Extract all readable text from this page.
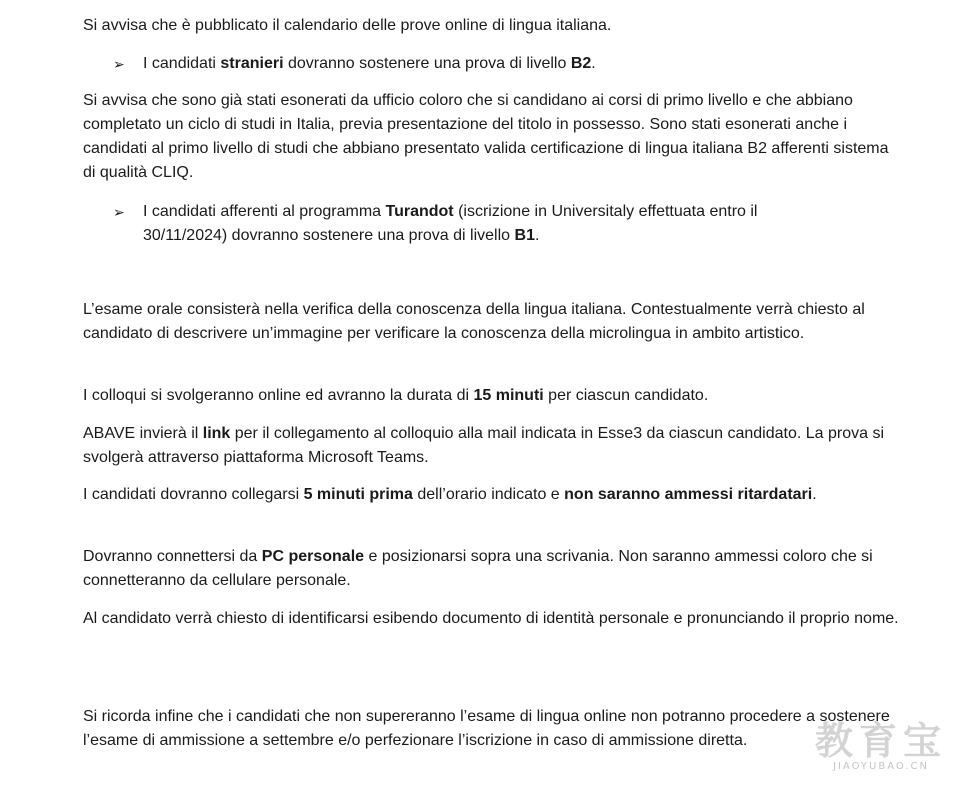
Si avvisa che è pubblicato il calendario delle prove online di lingua italiana.

➢ I candidati stranieri dovranno sostenere una prova di livello B2.

Si avvisa che sono già stati esonerati da ufficio coloro che si candidano ai corsi di primo livello e che abbiano completato un ciclo di studi in Italia, previa presentazione del titolo in possesso. Sono stati esonerati anche i candidati al primo livello di studi che abbiano presentato valida certificazione di lingua italiana B2 afferenti sistema di qualità CLIQ.

➢ I candidati afferenti al programma Turandot (iscrizione in Universitaly effettuata entro il 30/11/2024) dovranno sostenere una prova di livello B1.

L’esame orale consisterà nella verifica della conoscenza della lingua italiana. Contestualmente verrà chiesto al candidato di descrivere un’immagine per verificare la conoscenza della microlingua in ambito artistico.

I colloqui si svolgeranno online ed avranno la durata di 15 minuti per ciascun candidato.

ABAVE invierà il link per il collegamento al colloquio alla mail indicata in Esse3 da ciascun candidato. La prova si svolgerà attraverso piattaforma Microsoft Teams.

I candidati dovranno collegarsi 5 minuti prima dell’orario indicato e non saranno ammessi ritardatari.

Dovranno connettersi da PC personale e posizionarsi sopra una scrivania. Non saranno ammessi coloro che si connetteranno da cellulare personale.

Al candidato verrà chiesto di identificarsi esibendo documento di identità personale e pronunciando il proprio nome.

Si ricorda infine che i candidati che non supereranno l’esame di lingua online non potranno procedere a sostenere l’esame di ammissione a settembre e/o perfezionare l’iscrizione in caso di ammissione diretta.	教育宝
JIAOYUBAO.CN
